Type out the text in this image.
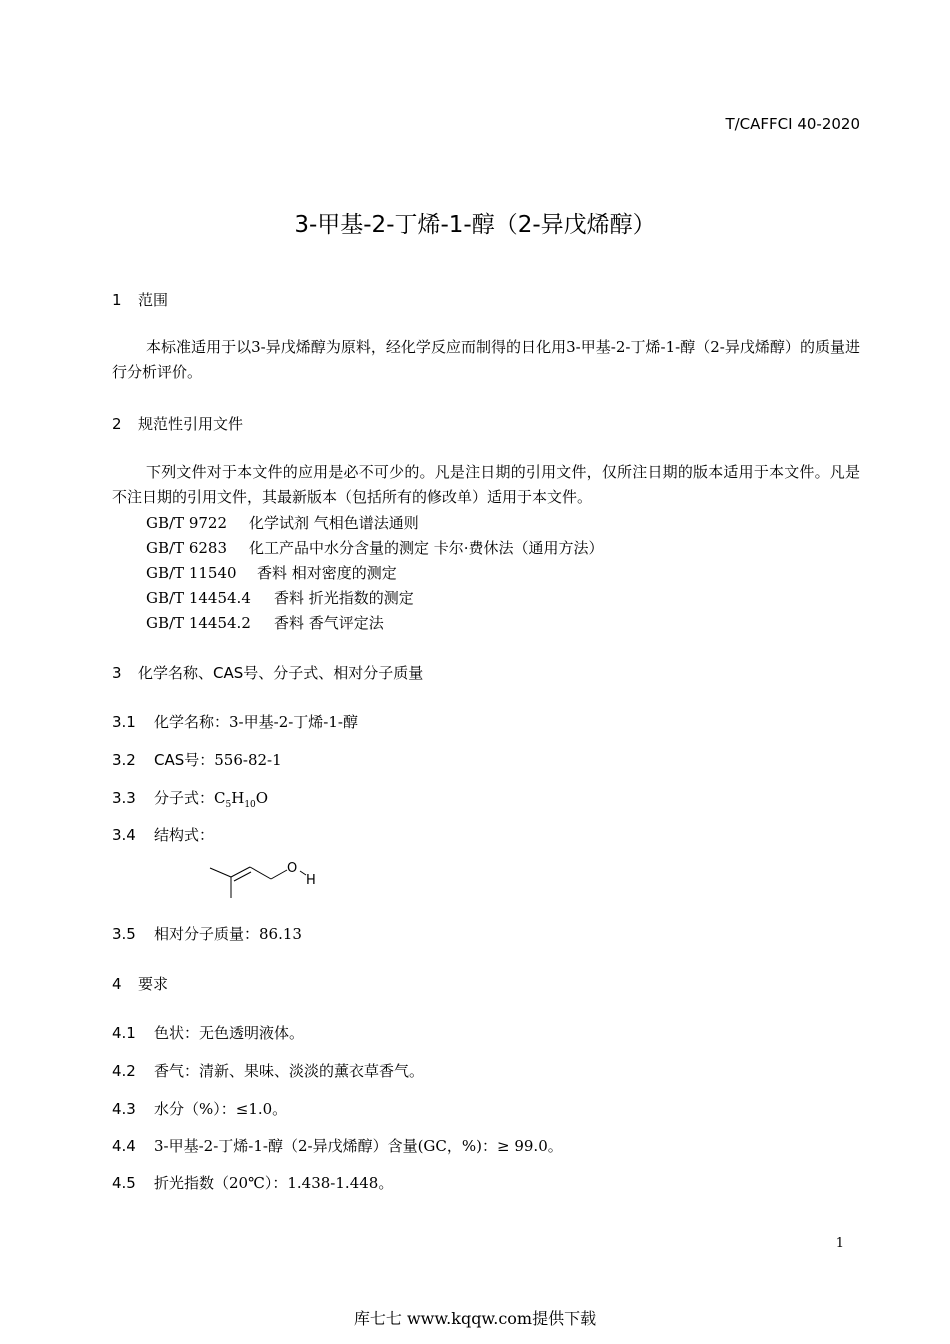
T/CAFFCI 40-2020
3-甲基-2-丁烯-1-醇（2-异戊烯醇）
1 范围
本标准适用于以3-异戊烯醇为原料，经化学反应而制得的日化用3-甲基-2-丁烯-1-醇（2-异戊烯醇）的质量进行分析评价。
2 规范性引用文件
下列文件对于本文件的应用是必不可少的。凡是注日期的引用文件，仅所注日期的版本适用于本文件。凡是不注日期的引用文件，其最新版本（包括所有的修改单）适用于本文件。
GB/T 9722 化学试剂 气相色谱法通则
GB/T 6283 化工产品中水分含量的测定 卡尔·费休法（通用方法）
GB/T 11540 香料 相对密度的测定
GB/T 14454.4 香料 折光指数的测定
GB/T 14454.2 香料 香气评定法
3 化学名称、CAS号、分子式、相对分子质量
3.1 化学名称：3-甲基-2-丁烯-1-醇
3.2 CAS号：556-82-1
3.3 分子式：$C_5H_{10}O$
3.4 结构式：
O
H
3.5 相对分子质量：86.13
4 要求
4.1 色状：无色透明液体。
4.2 香气：清新、果味、淡淡的薰衣草香气。
4.3 水分（%）：≤1.0。
4.4 3-甲基-2-丁烯-1-醇（2-异戊烯醇）含量(GC，%)：≥ 99.0。
4.5 折光指数（20℃）：1.438-1.448。
1
库七七 www.kqqw.com提供下载
